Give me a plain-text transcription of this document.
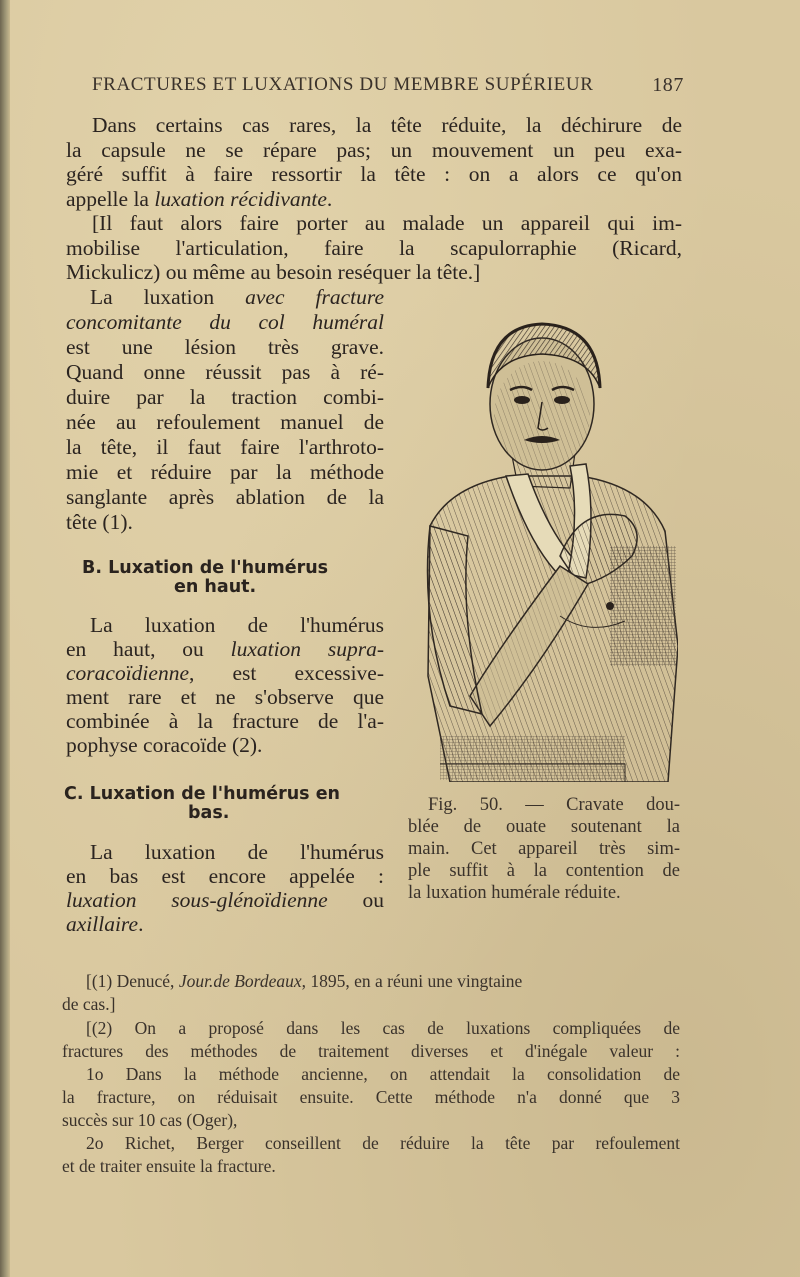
FRACTURES ET LUXATIONS DU MEMBRE SUPÉRIEUR	187
Dans certains cas rares, la tête réduite, la déchirure de
la capsule ne se répare pas; un mouvement un peu exa-
géré suffit à faire ressortir la tête : on a alors ce qu'on
appelle la luxation récidivante.
[Il faut alors faire porter au malade un appareil qui im-
mobilise l'articulation, faire la scapulorraphie (Ricard,
Mickulicz) ou même au besoin reséquer la tête.]
La luxation avec fracture
concomitante du col huméral
est une lésion très grave.
Quand onne réussit pas à ré-
duire par la traction combi-
née au refoulement manuel de
la tête, il faut faire l'arthroto-
mie et réduire par la méthode
sanglante après ablation de la
tête (1).
B. Luxation de l'humérus
en haut.
La luxation de l'humérus
en haut, ou luxation supra-
coracoïdienne, est excessive-
ment rare et ne s'observe que
combinée à la fracture de l'a-
pophyse coracoïde (2).
C. Luxation de l'humérus en
bas.
La luxation de l'humérus
en bas est encore appelée :
luxation sous-glénoïdienne ou
axillaire.
Fig. 50. — Cravate dou-
blée de ouate soutenant la
main. Cet appareil très sim-
ple suffit à la contention de
la luxation humérale réduite.
[(1) Denucé, Jour.de Bordeaux, 1895, en a réuni une vingtaine
de cas.]
[(2) On a proposé dans les cas de luxations compliquées de
fractures des méthodes de traitement diverses et d'inégale valeur :
1o Dans la méthode ancienne, on attendait la consolidation de
la fracture, on réduisait ensuite. Cette méthode n'a donné que 3
succès sur 10 cas (Oger),
2o Richet, Berger conseillent de réduire la tête par refoulement
et de traiter ensuite la fracture.
